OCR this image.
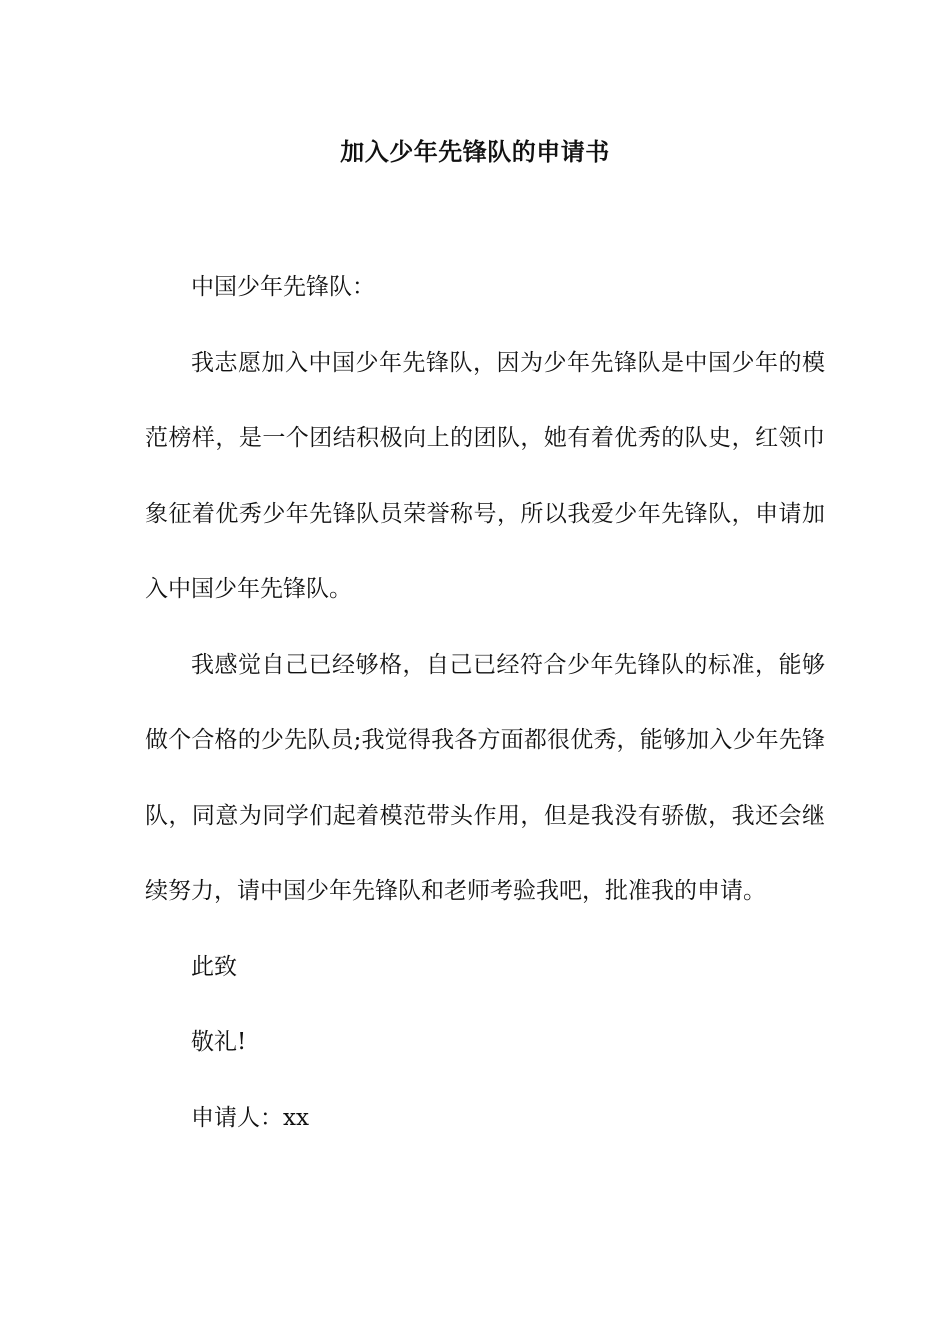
加入少年先锋队的申请书

中国少年先锋队：

我志愿加入中国少年先锋队，因为少年先锋队是中国少年的模范榜样，是一个团结积极向上的团队，她有着优秀的队史，红领巾象征着优秀少年先锋队员荣誉称号，所以我爱少年先锋队，申请加入中国少年先锋队。

我感觉自己已经够格，自己已经符合少年先锋队的标准，能够做个合格的少先队员;我觉得我各方面都很优秀，能够加入少年先锋队，同意为同学们起着模范带头作用，但是我没有骄傲，我还会继续努力，请中国少年先锋队和老师考验我吧，批准我的申请。

此致

敬礼!

申请人：xx
